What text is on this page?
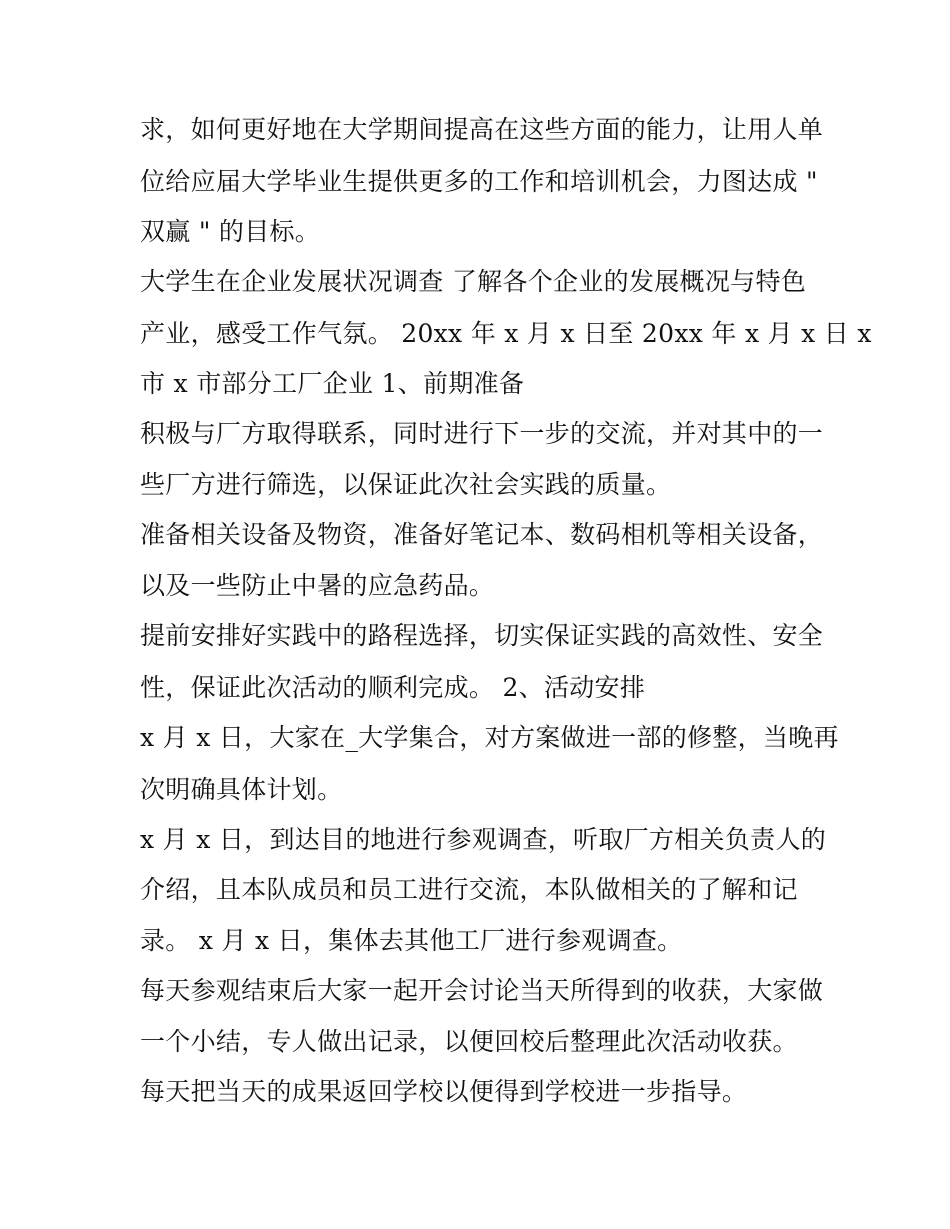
求，如何更好地在大学期间提高在这些方面的能力，让用人单
位给应届大学毕业生提供更多的工作和培训机会，力图达成 "
双赢 " 的目标。
大学生在企业发展状况调查 了解各个企业的发展概况与特色
产业，感受工作气氛。 20xx 年 x 月 x 日至 20xx 年 x 月 x 日 x
市 x 市部分工厂企业 1、前期准备
积极与厂方取得联系，同时进行下一步的交流，并对其中的一
些厂方进行筛选，以保证此次社会实践的质量。
准备相关设备及物资，准备好笔记本、数码相机等相关设备，
以及一些防止中暑的应急药品。
提前安排好实践中的路程选择，切实保证实践的高效性、安全
性，保证此次活动的顺利完成。 2、活动安排
x 月 x 日，大家在_大学集合，对方案做进一部的修整，当晚再
次明确具体计划。
x 月 x 日，到达目的地进行参观调查，听取厂方相关负责人的
介绍，且本队成员和员工进行交流，本队做相关的了解和记
录。 x 月 x 日，集体去其他工厂进行参观调查。
每天参观结束后大家一起开会讨论当天所得到的收获，大家做
一个小结，专人做出记录，以便回校后整理此次活动收获。
每天把当天的成果返回学校以便得到学校进一步指导。
